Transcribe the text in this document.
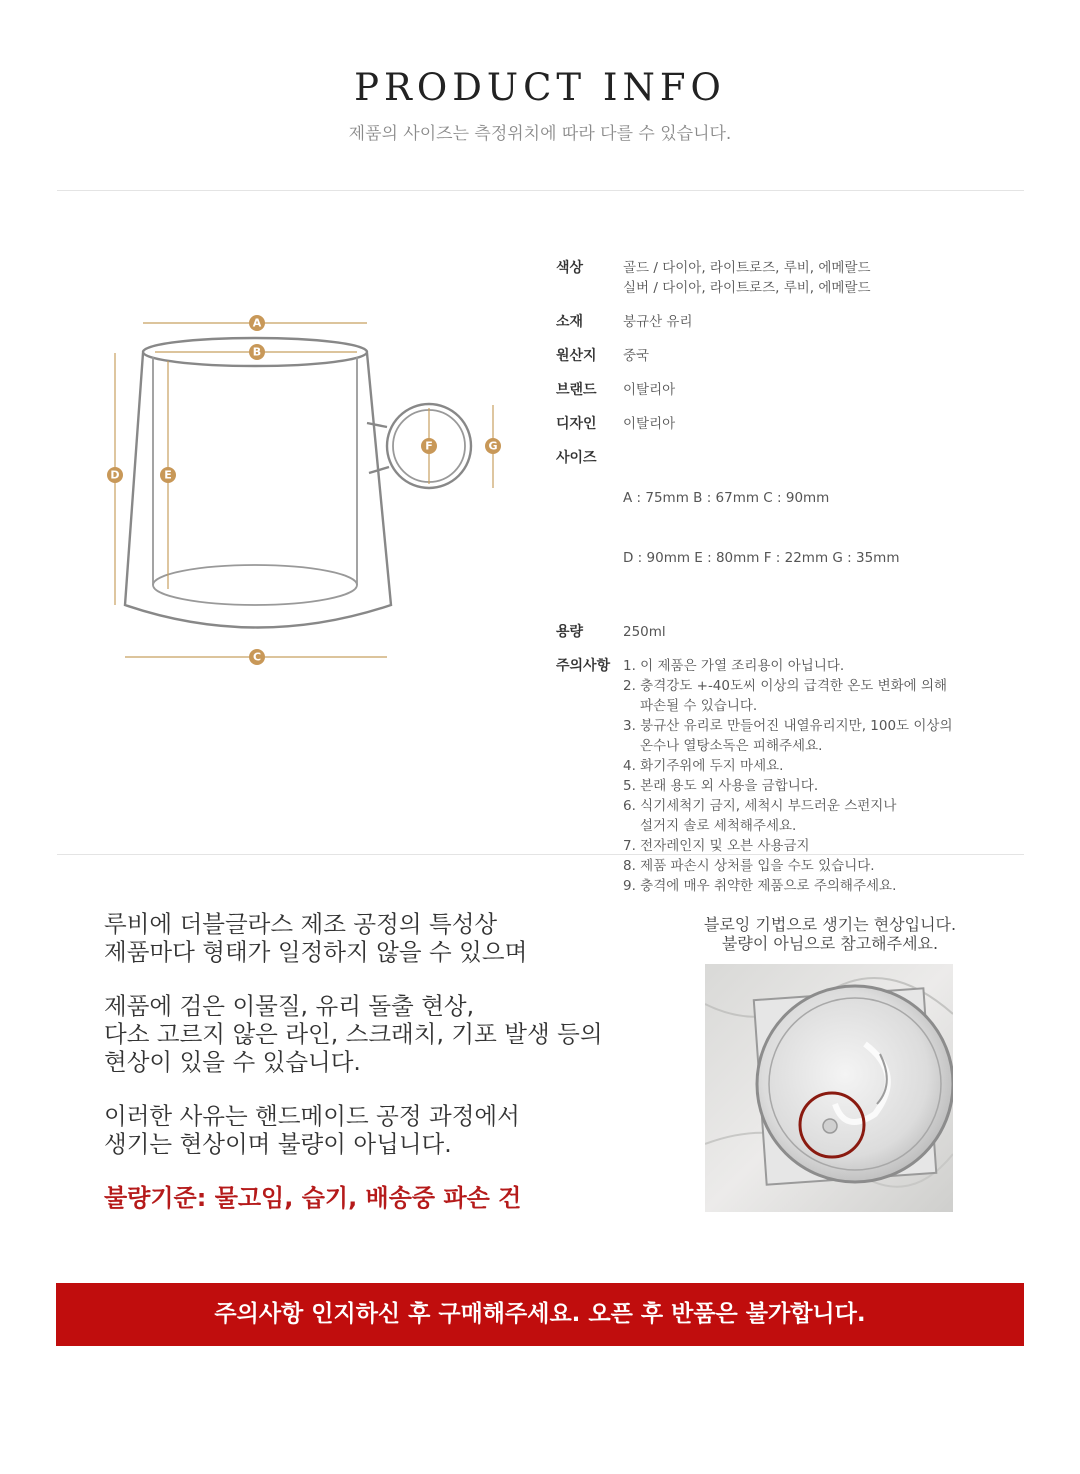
PRODUCT INFO
제품의 사이즈는 측정위치에 따라 다를 수 있습니다.
A
B
C
D	E
F	G
색상	골드 / 다이아, 라이트로즈, 루비, 에메랄드
실버 / 다이아, 라이트로즈, 루비, 에메랄드
소재	붕규산 유리
원산지	중국
브랜드	이탈리아
디자인	이탈리아
사이즈

A : 75mm B : 67mm C : 90mm

D : 90mm E : 80mm F : 22mm G : 35mm

용량	250ml
주의사항 1. 이 제품은 가열 조리용이 아닙니다.
2. 충격강도 +-40도씨 이상의 급격한 온도 변화에 의해
파손될 수 있습니다.
3. 붕규산 유리로 만들어진 내열유리지만, 100도 이상의
온수나 열탕소독은 피해주세요.
4. 화기주위에 두지 마세요.
5. 본래 용도 외 사용을 금합니다.
6. 식기세척기 금지, 세척시 부드러운 스펀지나
설거지 솔로 세척해주세요.
7. 전자레인지 및 오븐 사용금지
8. 제품 파손시 상처를 입을 수도 있습니다.
9. 충격에 매우 취약한 제품으로 주의해주세요.

루비에 더블글라스 제조 공정의 특성상
제품마다 형태가 일정하지 않을 수 있으며

제품에 검은 이물질, 유리 돌출 현상,
다소 고르지 않은 라인, 스크래치, 기포 발생 등의
현상이 있을 수 있습니다.

이러한 사유는 핸드메이드 공정 과정에서
생기는 현상이며 불량이 아닙니다.

불량기준: 물고임, 습기, 배송중 파손 건

블로잉 기법으로 생기는 현상입니다.
불량이 아님으로 참고해주세요.
주의사항 인지하신 후 구매해주세요. 오픈 후 반품은 불가합니다.
